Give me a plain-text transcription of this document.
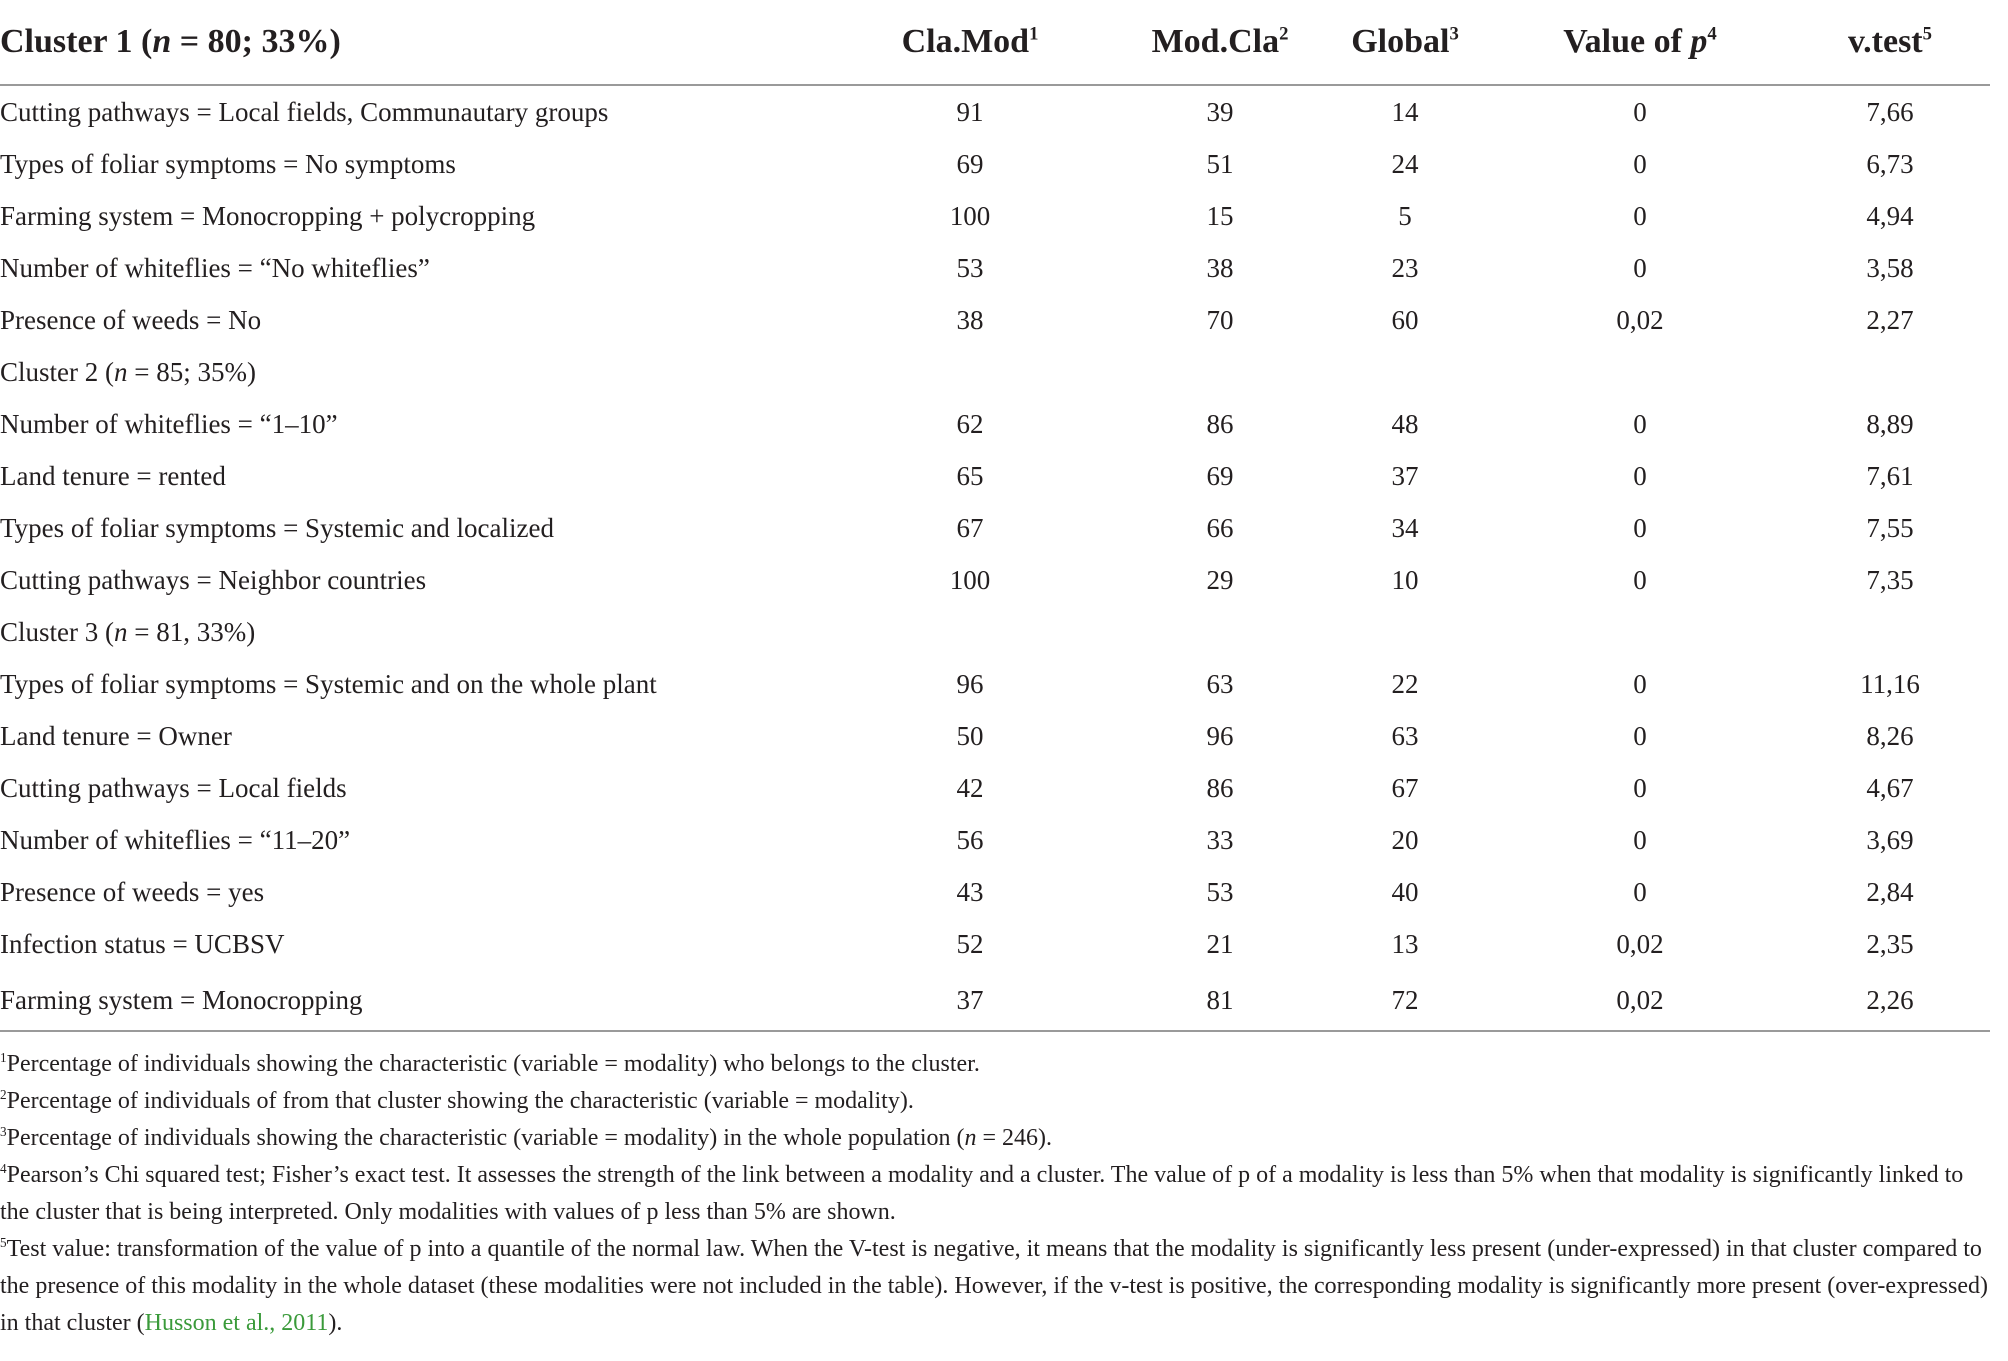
Cluster 1 (n = 80; 33%)	Cla.Mod$^1$	Mod.Cla$^2$	Global$^3$	Value of $p^4$	v.test$^5$
Cutting pathways = Local fields, Communautary groups	91	39	14	0	7,66
Types of foliar symptoms = No symptoms	69	51	24	0	6,73
Farming system = Monocropping + polycropping	100	15	5	0	4,94
Number of whiteflies = “No whiteflies”	53	38	23	0	3,58
Presence of weeds = No	38	70	60	0,02	2,27
Cluster 2 (n = 85; 35%)					
Number of whiteflies = “1–10”	62	86	48	0	8,89
Land tenure = rented	65	69	37	0	7,61
Types of foliar symptoms = Systemic and localized	67	66	34	0	7,55
Cutting pathways = Neighbor countries	100	29	10	0	7,35
Cluster 3 (n = 81, 33%)					
Types of foliar symptoms = Systemic and on the whole plant	96	63	22	0	11,16
Land tenure = Owner	50	96	63	0	8,26
Cutting pathways = Local fields	42	86	67	0	4,67
Number of whiteflies = “11–20”	56	33	20	0	3,69
Presence of weeds = yes	43	53	40	0	2,84
Infection status = UCBSV	52	21	13	0,02	2,35
Farming system = Monocropping	37	81	72	0,02	2,26

$^1$Percentage of individuals showing the characteristic (variable = modality) who belongs to the cluster.

$^2$Percentage of individuals of from that cluster showing the characteristic (variable = modality).

$^3$Percentage of individuals showing the characteristic (variable = modality) in the whole population (n = 246).

$^4$Pearson’s Chi squared test; Fisher’s exact test. It assesses the strength of the link between a modality and a cluster. The value of p of a modality is less than 5% when that modality is significantly linked to the cluster that is being interpreted. Only modalities with values of p less than 5% are shown.

$^5$Test value: transformation of the value of p into a quantile of the normal law. When the V-test is negative, it means that the modality is significantly less present (under-expressed) in that cluster compared to the presence of this modality in the whole dataset (these modalities were not included in the table). However, if the v-test is positive, the corresponding modality is significantly more present (over-expressed) in that cluster (Husson et al., 2011).
